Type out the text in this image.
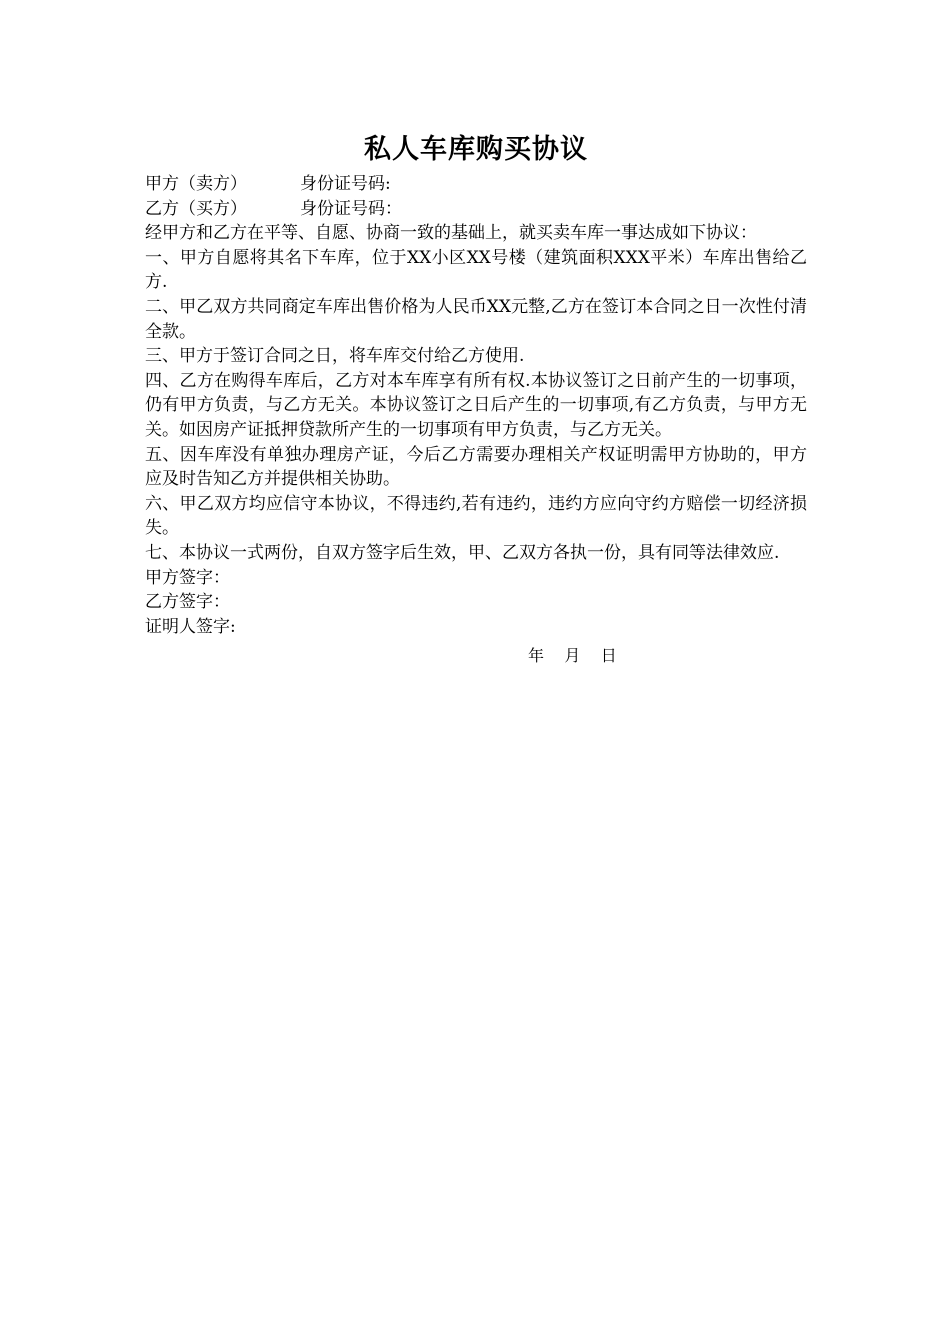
私人车库购买协议
甲方（卖方）	身份证号码:
乙方（买方）	身份证号码：

经甲方和乙方在平等、自愿、协商一致的基础上，就买卖车库一事达成如下协议：

一、甲方自愿将其名下车库，位于XX小区XX号楼（建筑面积XXX平米）车库出售给乙方.

二、甲乙双方共同商定车库出售价格为人民币XX元整,乙方在签订本合同之日一次性付清全款。

三、甲方于签订合同之日，将车库交付给乙方使用.

四、乙方在购得车库后，乙方对本车库享有所有权.本协议签订之日前产生的一切事项，仍有甲方负责，与乙方无关。本协议签订之日后产生的一切事项,有乙方负责，与甲方无关。如因房产证抵押贷款所产生的一切事项有甲方负责，与乙方无关。

五、因车库没有单独办理房产证，今后乙方需要办理相关产权证明需甲方协助的，甲方应及时告知乙方并提供相关协助。

六、甲乙双方均应信守本协议，不得违约,若有违约，违约方应向守约方赔偿一切经济损失。

七、本协议一式两份，自双方签字后生效，甲、乙双方各执一份，具有同等法律效应.

甲方签字：

乙方签字：

证明人签字:

年    月    日
